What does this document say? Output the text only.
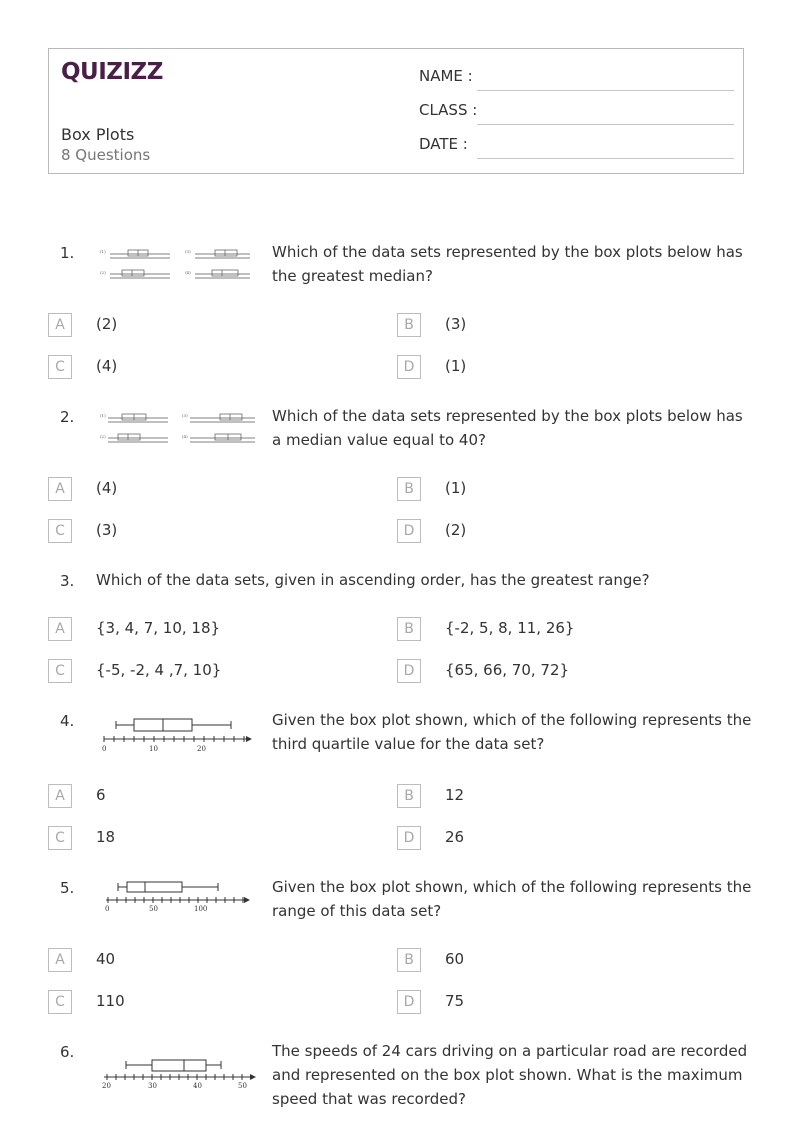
QUIZIZZ
Box Plots
8 Questions
NAME :
CLASS :
DATE :
1.	(1)
(2)
(3)
(4)
Which of the data sets represented by the box plots below has the greatest median?
A	(2)	B	(3)
C	(4)	D	(1)
2.	(1)
(2)
(3)
(4)
Which of the data sets represented by the box plots below has a median value equal to 40?
A	(4)	B	(1)
C	(3)	D	(2)
3. Which of the data sets, given in ascending order, has the greatest range?
A	{3, 4, 7, 10, 18}	B	{-2, 5, 8, 11, 26}
C	{-5, -2, 4 ,7, 10}	D	{65, 66, 70, 72}
4.
0	10	20
Given the box plot shown, which of the following represents the third quartile value for the data set?
A	6	B	12
C	18	D	26
5.
0	50	100
Given the box plot shown, which of the following represents the range of this data set?
A	40	B	60
C	110	D	75
6.
20	30	40	50
The speeds of 24 cars driving on a particular road are recorded and represented on the box plot shown. What is the maximum speed that was recorded?
